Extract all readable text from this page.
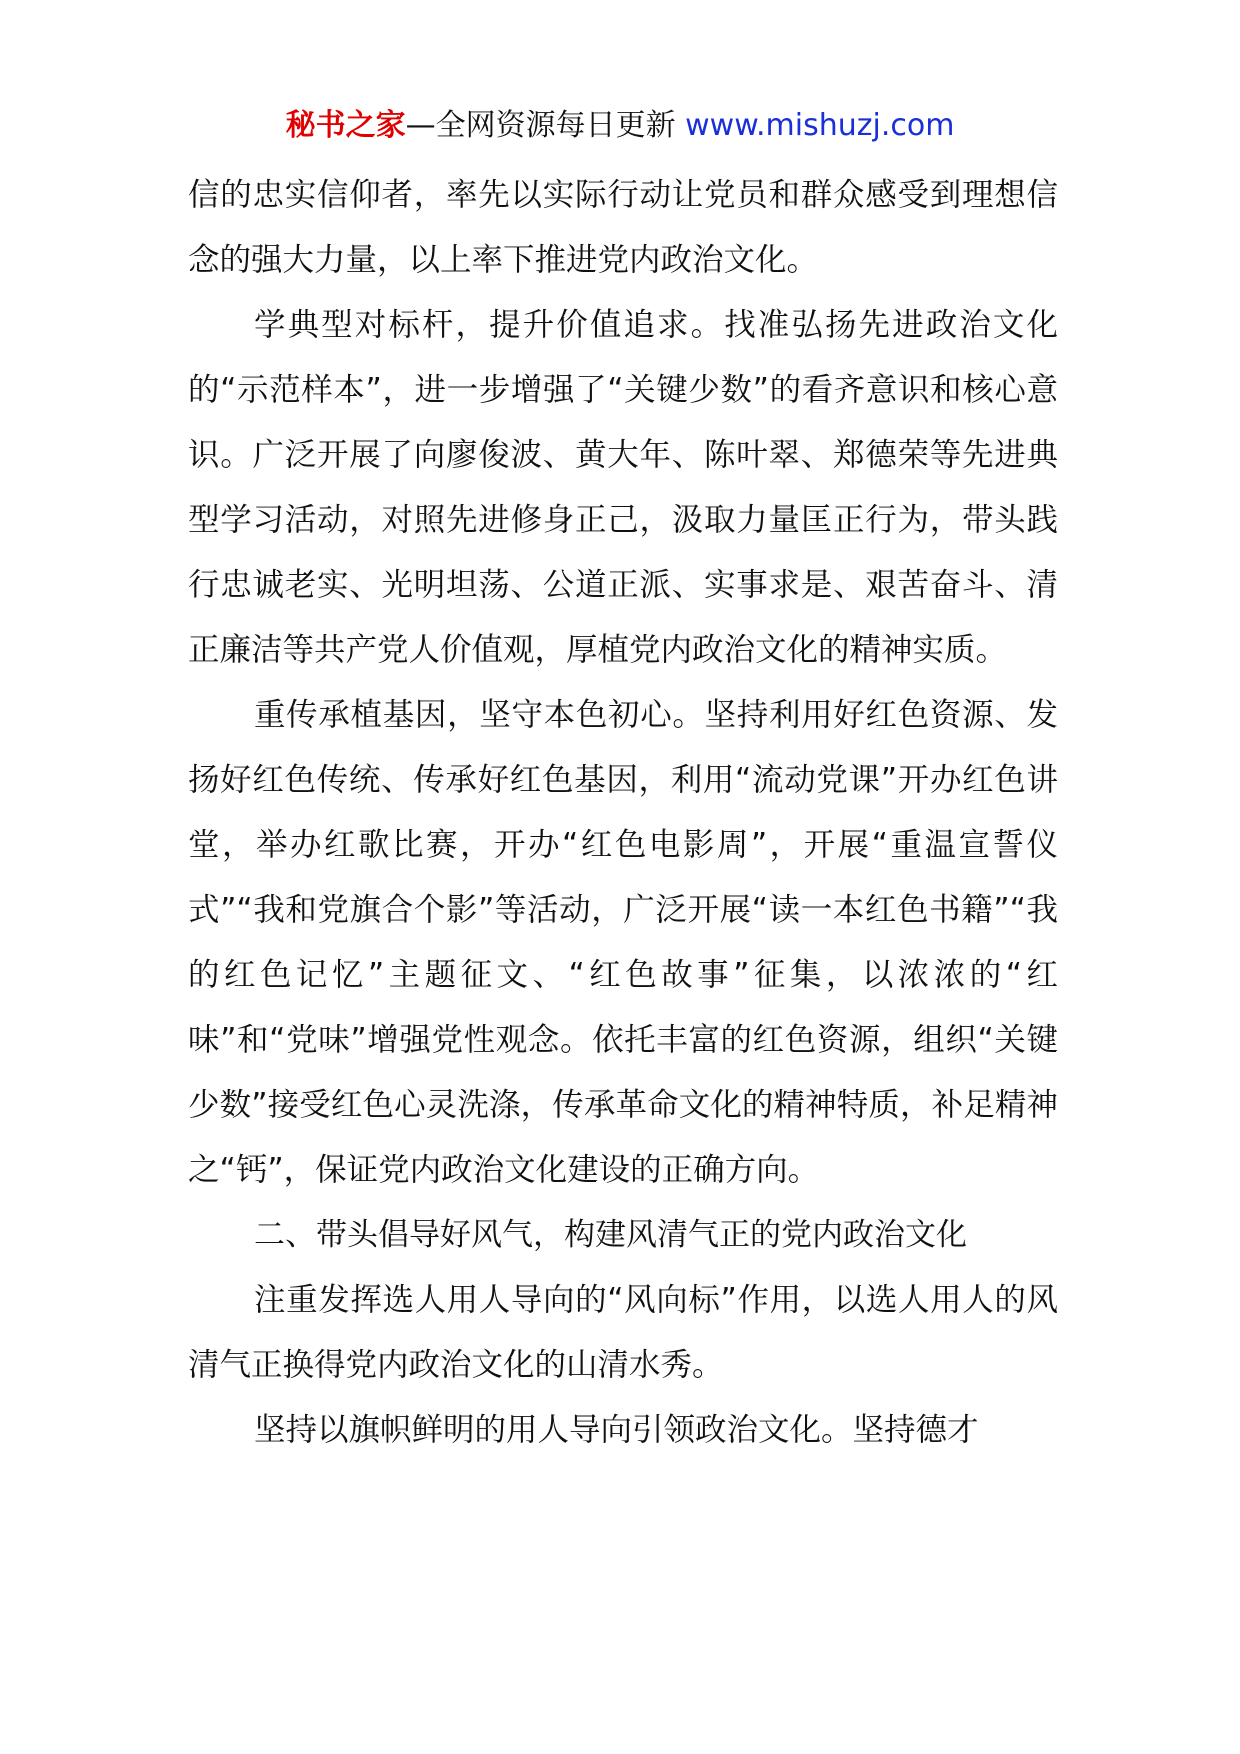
秘书之家—全网资源每日更新 www.mishuzj.com

信的忠实信仰者，率先以实际行动让党员和群众感受到理想信念的强大力量，以上率下推进党内政治文化。

学典型对标杆，提升价值追求。找准弘扬先进政治文化的“示范样本”，进一步增强了“关键少数”的看齐意识和核心意识。广泛开展了向廖俊波、黄大年、陈叶翠、郑德荣等先进典型学习活动，对照先进修身正己，汲取力量匡正行为，带头践行忠诚老实、光明坦荡、公道正派、实事求是、艰苦奋斗、清正廉洁等共产党人价值观，厚植党内政治文化的精神实质。

重传承植基因，坚守本色初心。坚持利用好红色资源、发扬好红色传统、传承好红色基因，利用“流动党课”开办红色讲堂，举办红歌比赛，开办“红色电影周”，开展“重温宣誓仪式”“我和党旗合个影”等活动，广泛开展“读一本红色书籍”“我的红色记忆”主题征文、“红色故事”征集，以浓浓的“红味”和“党味”增强党性观念。依托丰富的红色资源，组织“关键少数”接受红色心灵洗涤，传承革命文化的精神特质，补足精神之“钙”，保证党内政治文化建设的正确方向。

二、带头倡导好风气，构建风清气正的党内政治文化

注重发挥选人用人导向的“风向标”作用，以选人用人的风清气正换得党内政治文化的山清水秀。

坚持以旗帜鲜明的用人导向引领政治文化。坚持德才
